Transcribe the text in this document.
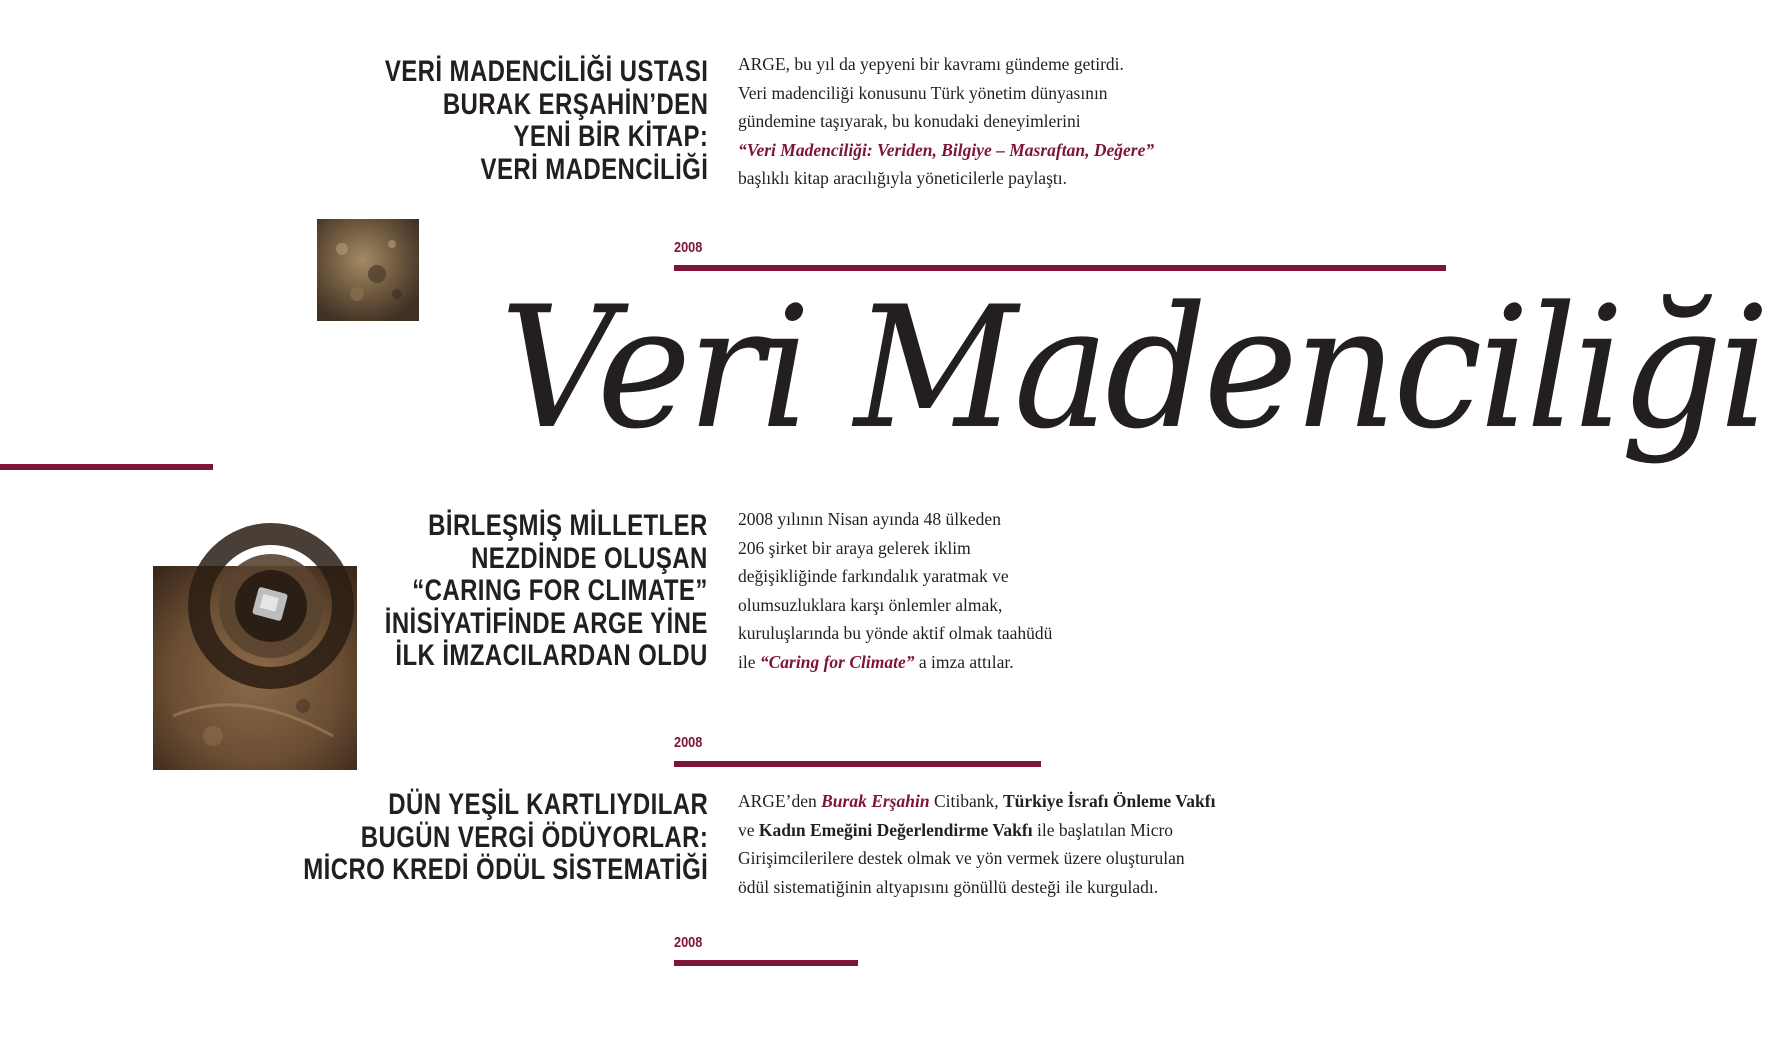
VERİ MADENCİLİĞİ USTASI
BURAK ERŞAHİN’DEN
YENİ BİR KİTAP:
VERİ MADENCİLİĞİ
ARGE, bu yıl da yepyeni bir kavramı gündeme getirdi.
Veri madenciliği konusunu Türk yönetim dünyasının
gündemine taşıyarak, bu konudaki deneyimlerini
“Veri Madenciliği: Veriden, Bilgiye – Masraftan, Değere”
başlıklı kitap aracılığıyla yöneticilerle paylaştı.
2008
Veri Madenciliği
BİRLEŞMİŞ MİLLETLER
NEZDİNDE OLUŞAN
“CARING FOR CLIMATE”
İNİSİYATİFİNDE ARGE YİNE
İLK İMZACILARDAN OLDU
2008 yılının Nisan ayında 48 ülkeden
206 şirket bir araya gelerek iklim
değişikliğinde farkındalık yaratmak ve
olumsuzluklara karşı önlemler almak,
kuruluşlarında bu yönde aktif olmak taahüdü
ile “Caring for Climate” a imza attılar.
2008
DÜN YEŞİL KARTLIYDILAR
BUGÜN VERGİ ÖDÜYORLAR:
MİCRO KREDİ ÖDÜL SİSTEMATİĞİ
ARGE’den Burak Erşahin Citibank, Türkiye İsrafı Önleme Vakfı
ve Kadın Emeğini Değerlendirme Vakfı ile başlatılan Micro
Girişimcilerilere destek olmak ve yön vermek üzere oluşturulan
ödül sistematiğinin altyapısını gönüllü desteği ile kurguladı.
2008
